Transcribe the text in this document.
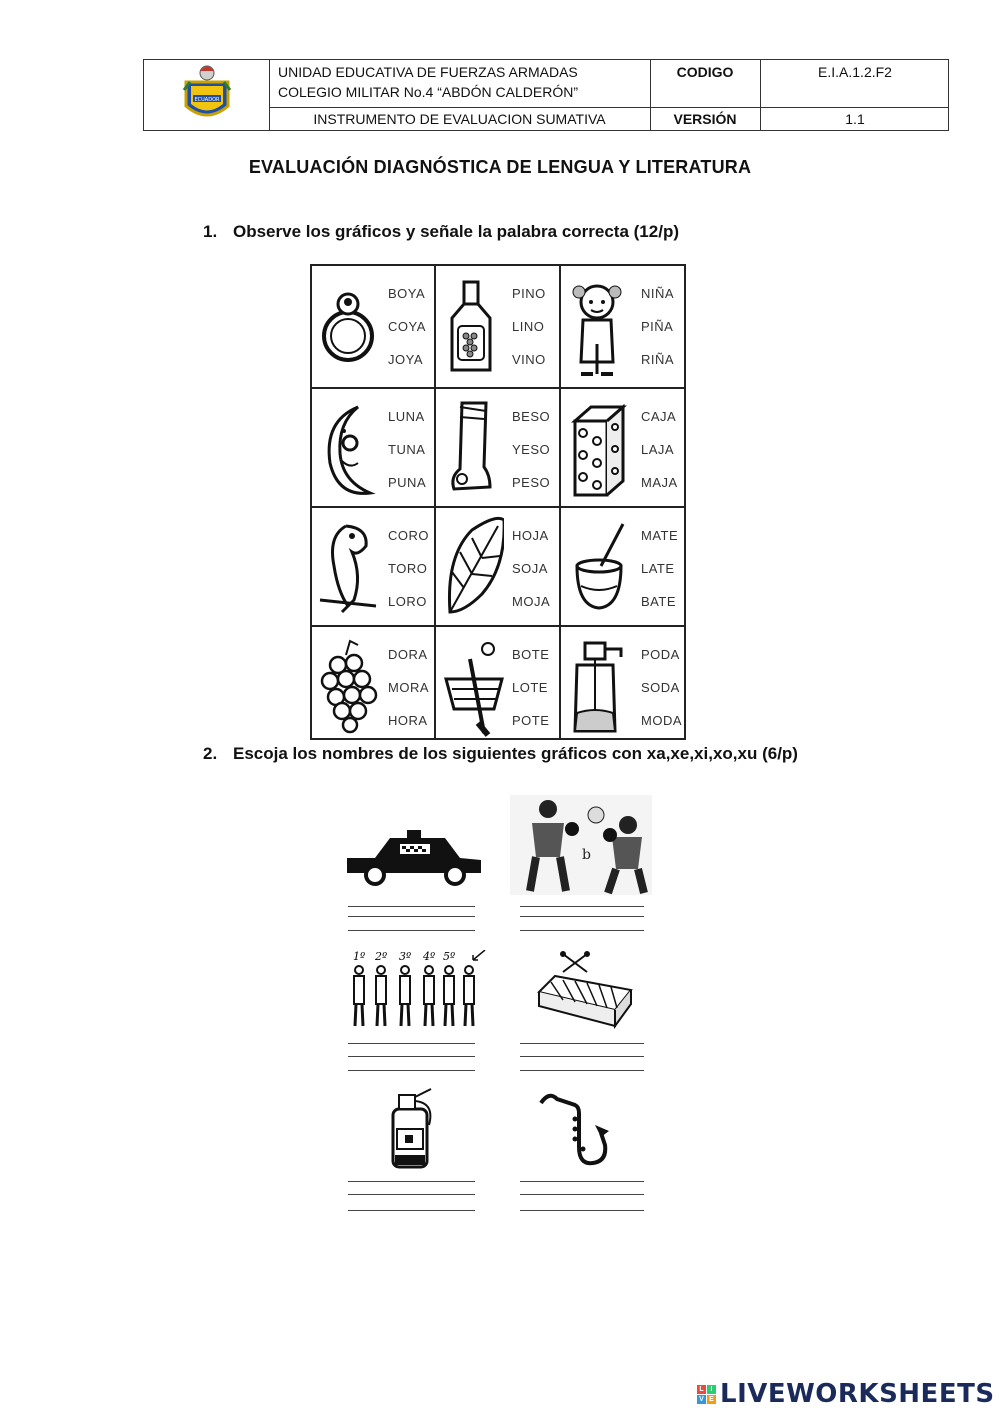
ECUADOR
UNIDAD EDUCATIVA DE FUERZAS ARMADAS
COLEGIO MILITAR No.4 “ABDÓN CALDERÓN”
INSTRUMENTO DE EVALUACION SUMATIVA
CODIGO	E.I.A.1.2.F2
VERSIÓN	1.1
EVALUACIÓN DIAGNÓSTICA DE LENGUA Y LITERATURA
1. Observe los gráficos y señale la palabra correcta (12/p)
BOYA
COYA
JOYA
PINO
LINO
VINO
NIÑA
PIÑA
RIÑA
LUNA
TUNA
PUNA
BESO
YESO
PESO
CAJA
LAJA
MAJA
CORO
TORO
LORO
HOJA
SOJA
MOJA
MATE
LATE
BATE
DORA
MORA
HORA
BOTE
LOTE
POTE
PODA
SODA
MODA
2. Escoja los nombres de los siguientes gráficos con xa,xe,xi,xo,xu (6/p)
b
1º 2º 3º 4º 5º
L I
V E LIVEWORKSHEETS
